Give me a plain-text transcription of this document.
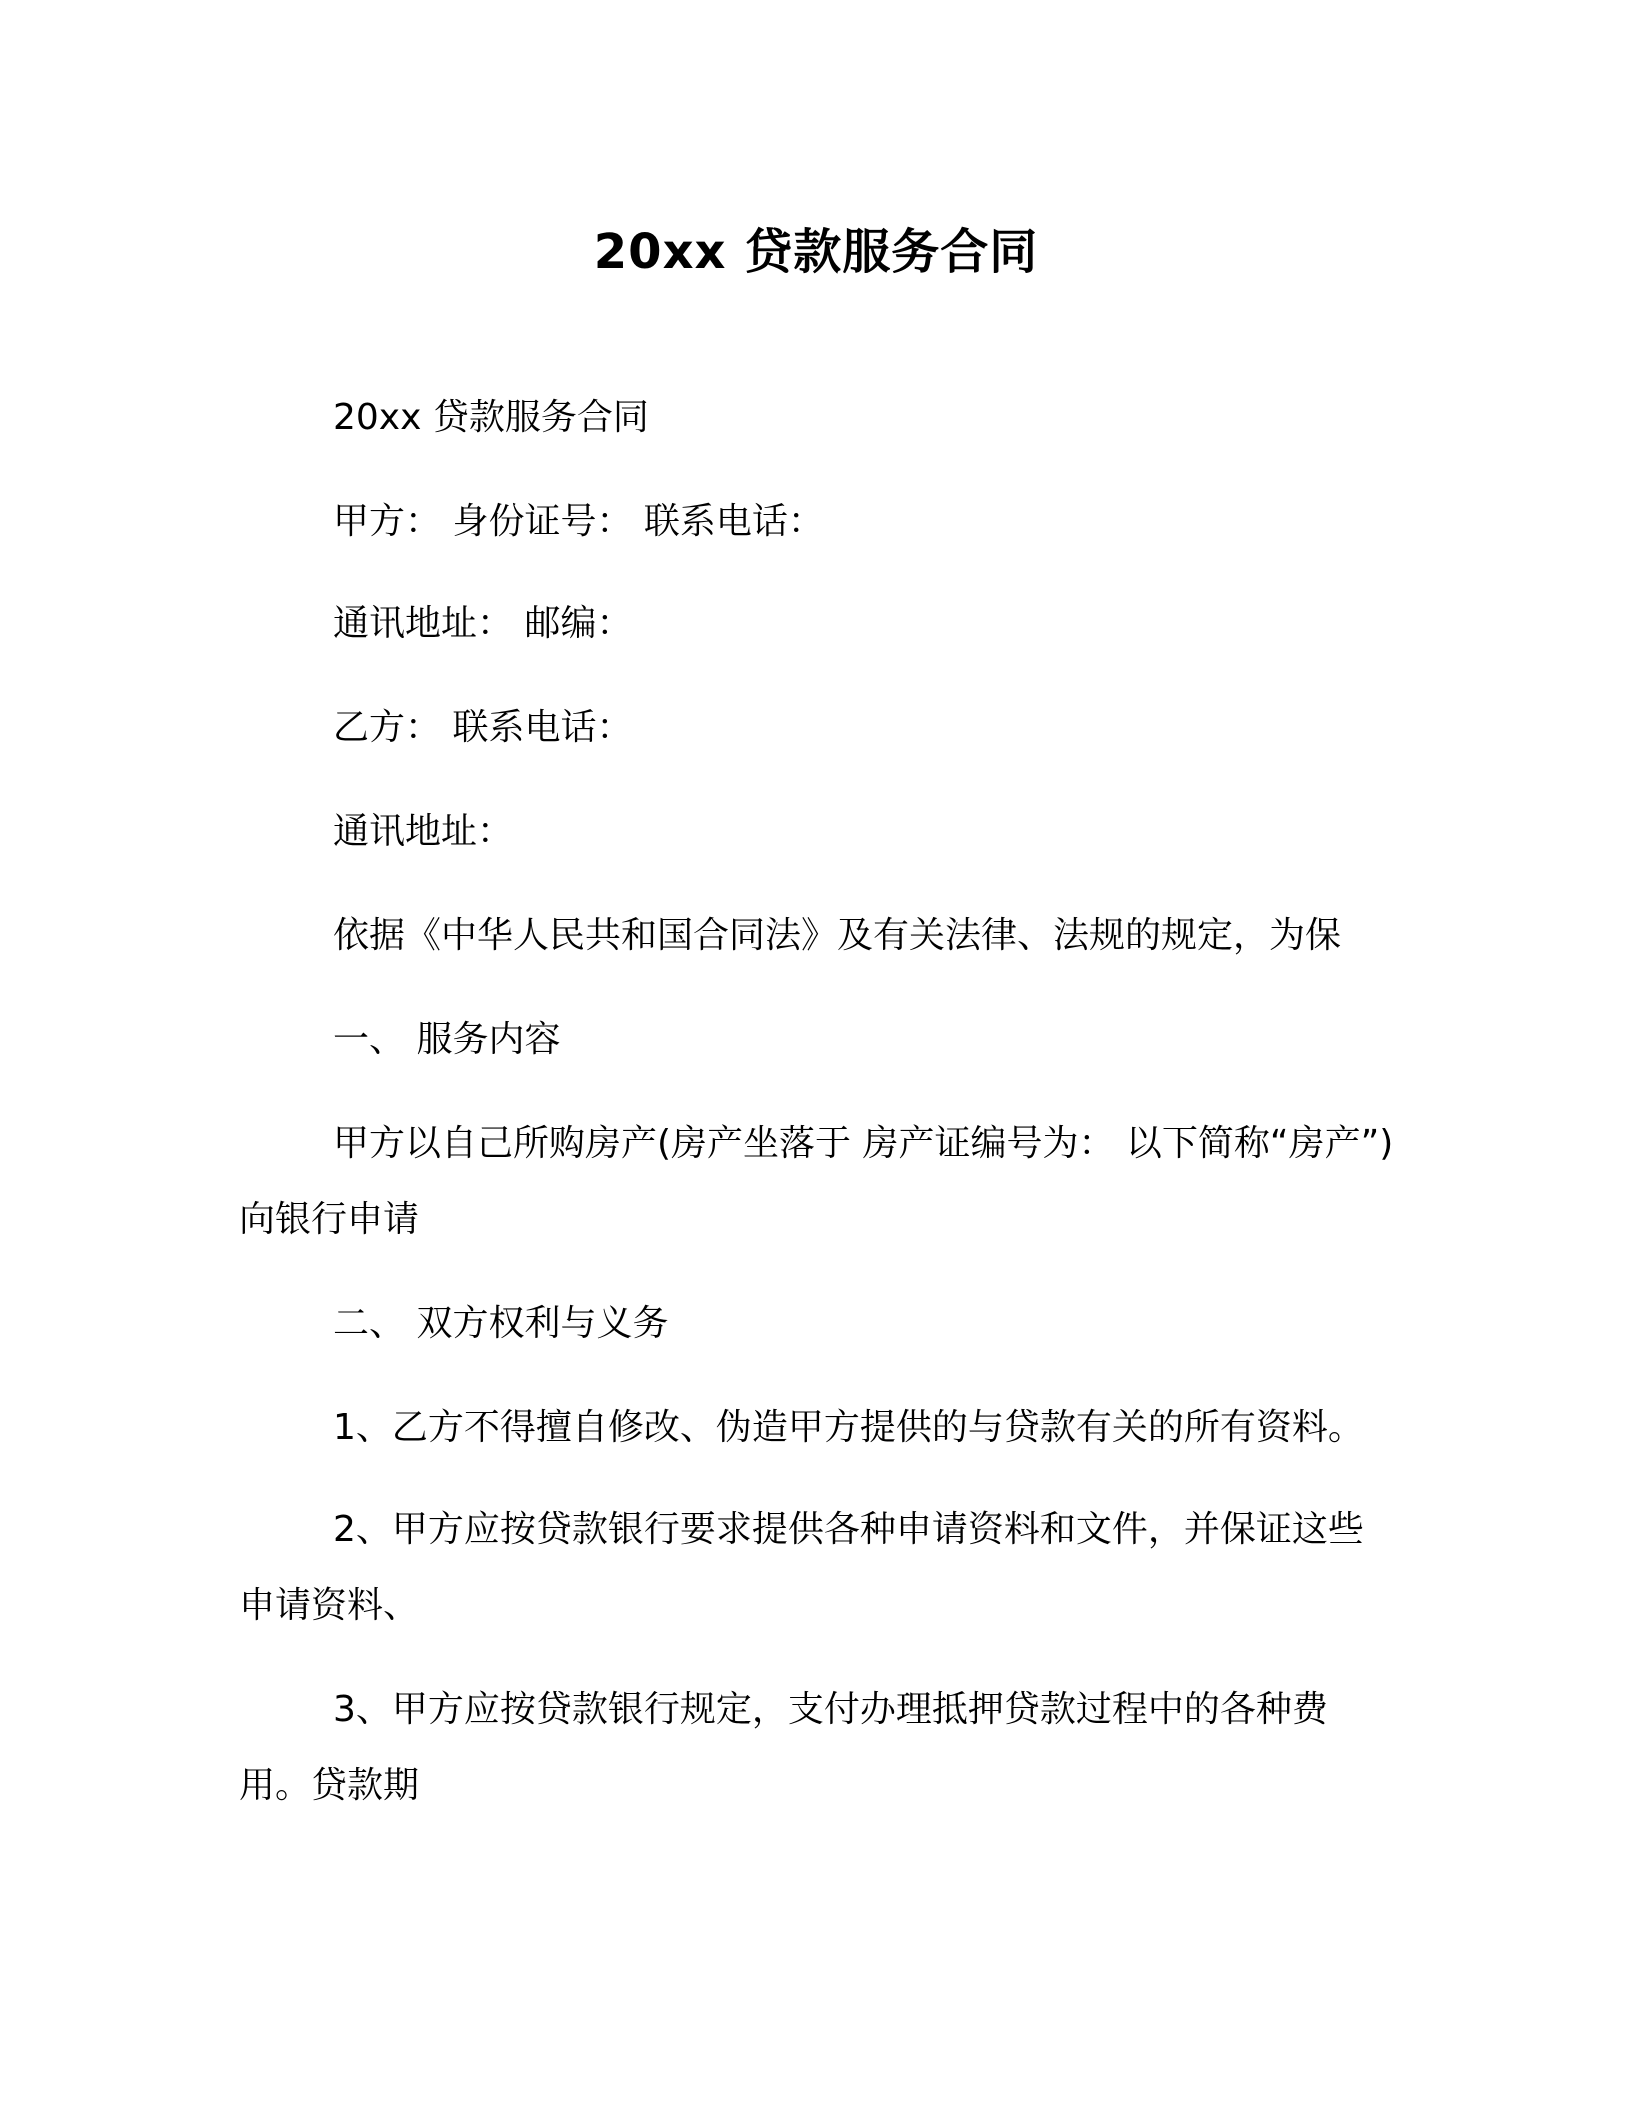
20xx 贷款服务合同

20xx 贷款服务合同

甲方： 身份证号： 联系电话：

通讯地址： 邮编：

乙方： 联系电话：

通讯地址：

依据《中华人民共和国合同法》及有关法律、法规的规定，为保

一、 服务内容

甲方以自己所购房产(房产坐落于 房产证编号为： 以下简称“房产”)向银行申请

二、 双方权利与义务

1、乙方不得擅自修改、伪造甲方提供的与贷款有关的所有资料。

2、甲方应按贷款银行要求提供各种申请资料和文件，并保证这些申请资料、

3、甲方应按贷款银行规定，支付办理抵押贷款过程中的各种费用。贷款期
